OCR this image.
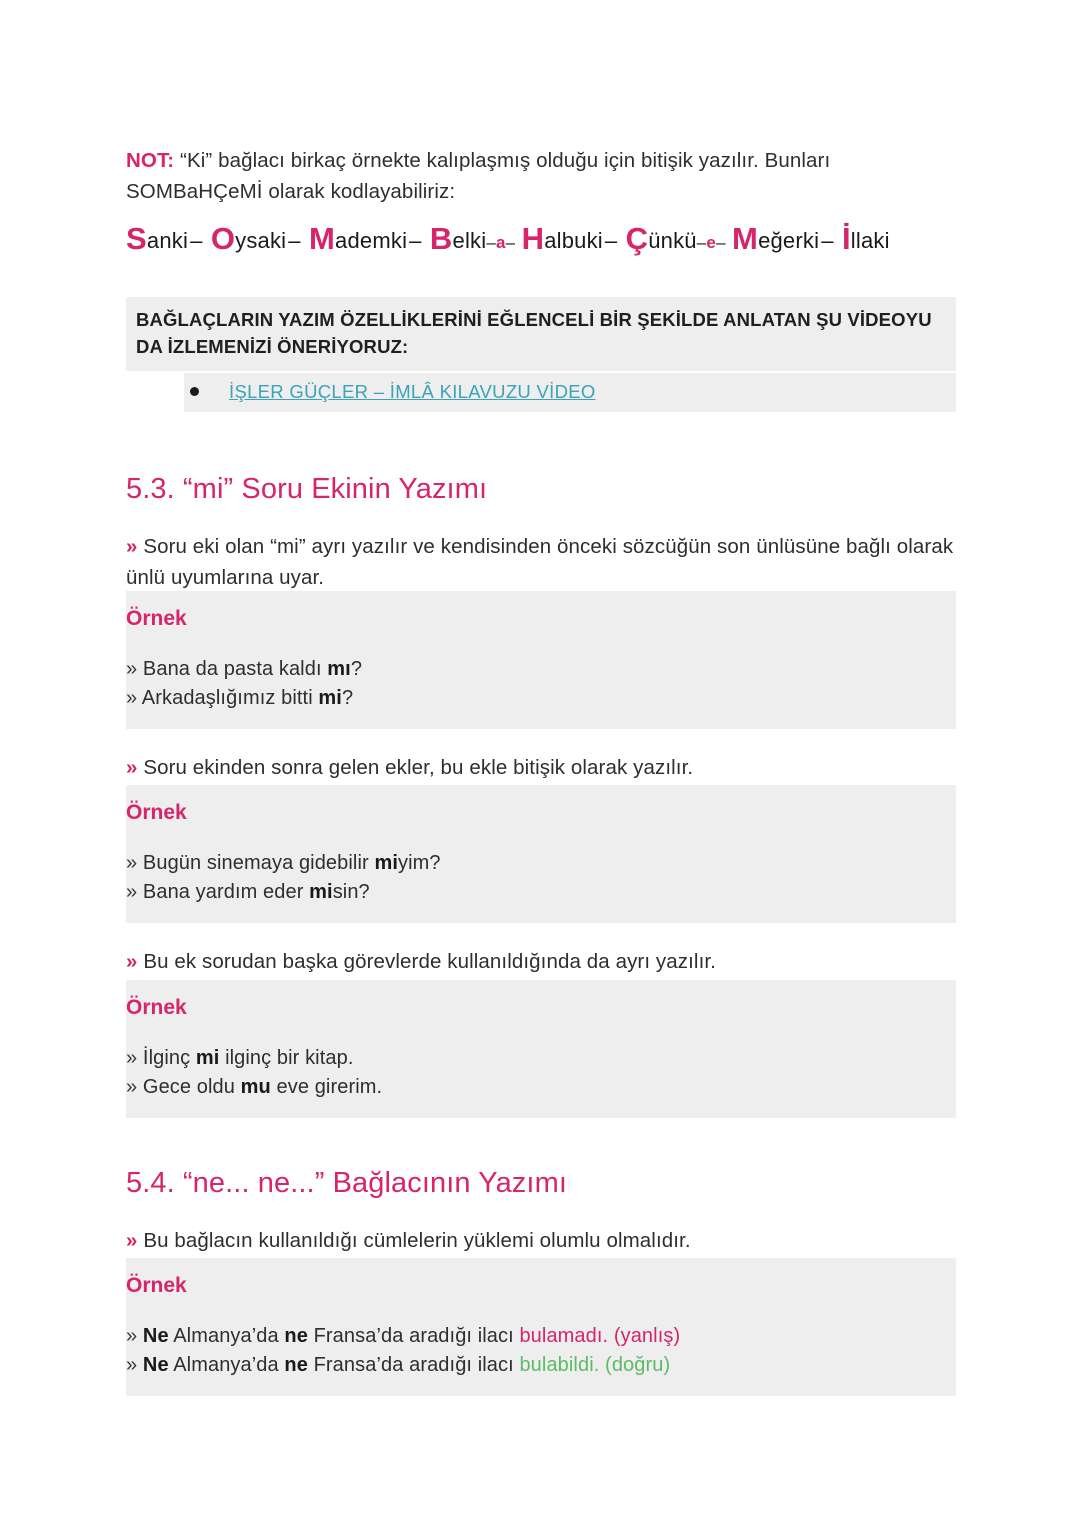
NOT: “Ki” bağlacı birkaç örnekte kalıplaşmış olduğu için bitişik yazılır. Bunları SOMBaHÇeMİ olarak kodlayabiliriz:

Sanki– Oysaki– Mademki– Belki–a– Halbuki– Çünkü–e– Meğerki– İllaki
BAĞLAÇLARIN YAZIM ÖZELLİKLERİNİ EĞLENCELİ BİR ŞEKİLDE ANLATAN ŞU VİDEOYU DA İZLEMENİZİ ÖNERİYORUZ:
İŞLER GÜÇLER – İMLÂ KILAVUZU VİDEO
5.3. “mi” Soru Ekinin Yazımı

» Soru eki olan “mi” ayrı yazılır ve kendisinden önceki sözcüğün son ünlüsüne bağlı olarak ünlü uyumlarına uyar.

Örnek
» Bana da pasta kaldı mı?
» Arkadaşlığımız bitti mi?

» Soru ekinden sonra gelen ekler, bu ekle bitişik olarak yazılır.

Örnek
» Bugün sinemaya gidebilir miyim?
» Bana yardım eder misin?

» Bu ek sorudan başka görevlerde kullanıldığında da ayrı yazılır.

Örnek
» İlginç mi ilginç bir kitap.
» Gece oldu mu eve girerim.
5.4. “ne... ne...” Bağlacının Yazımı

» Bu bağlacın kullanıldığı cümlelerin yüklemi olumlu olmalıdır.

Örnek
» Ne Almanya’da ne Fransa’da aradığı ilacı bulamadı. (yanlış)
» Ne Almanya’da ne Fransa’da aradığı ilacı bulabildi. (doğru)
